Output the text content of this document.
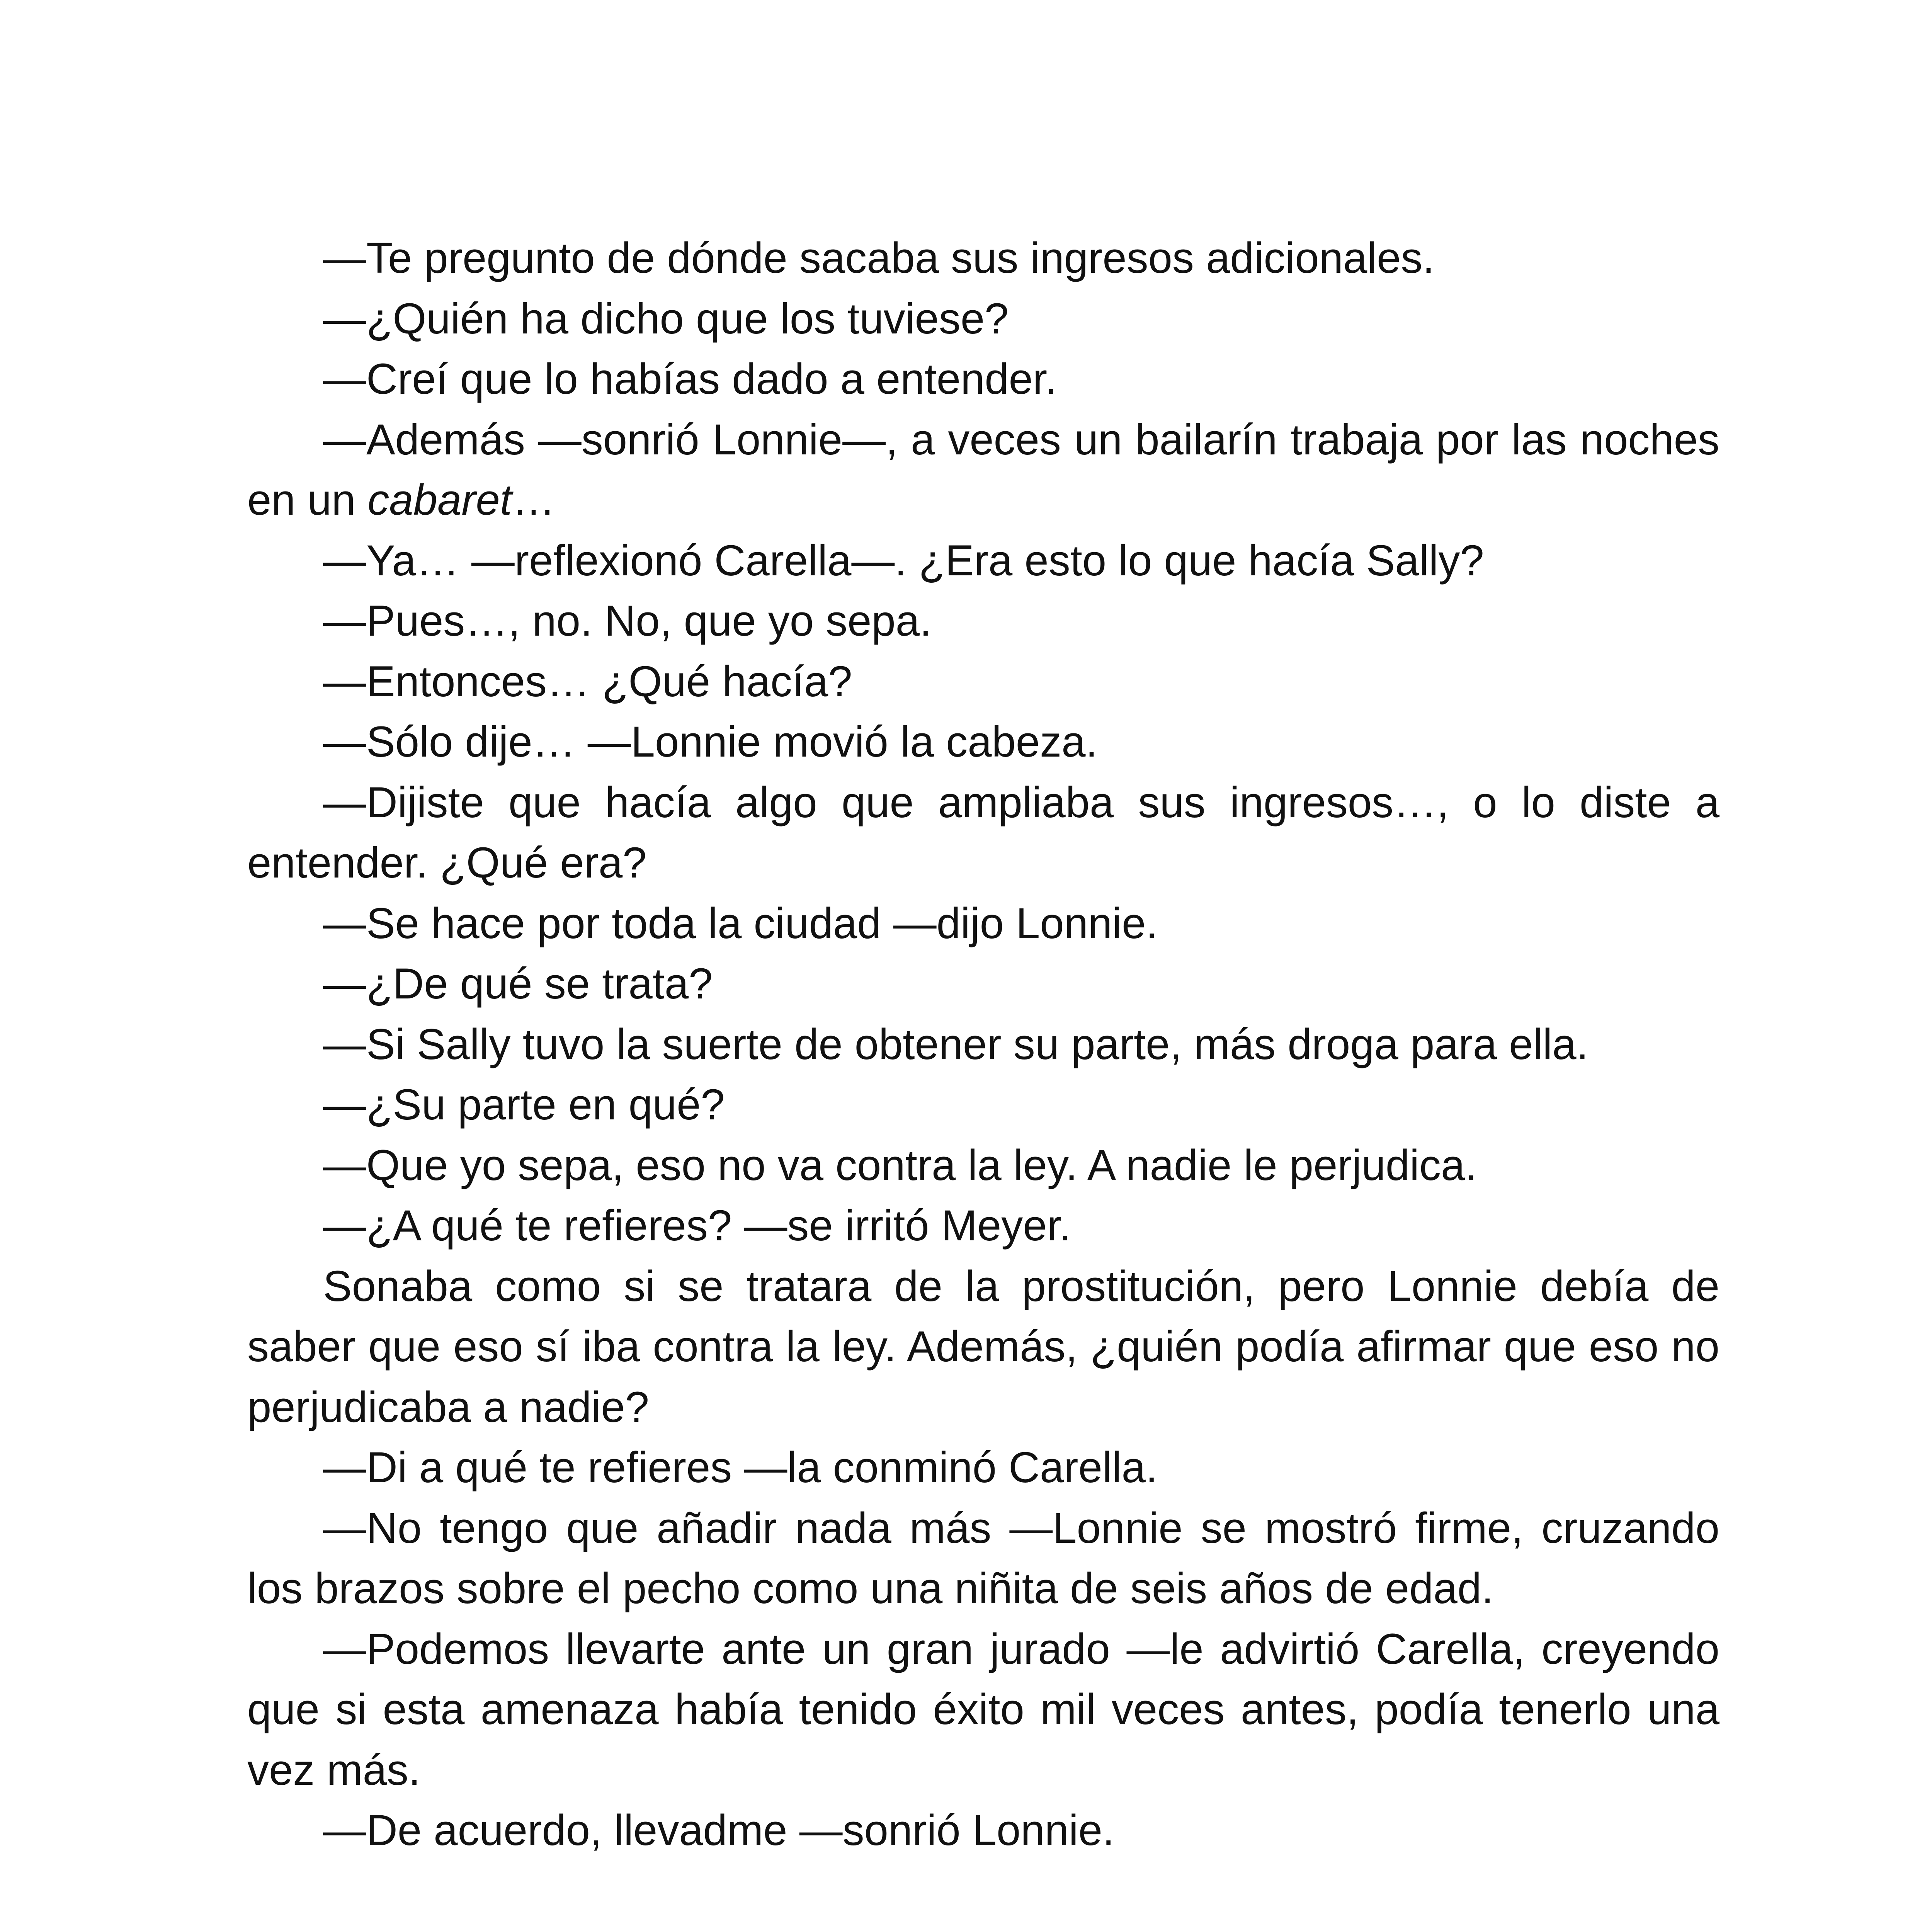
—Te pregunto de dónde sacaba sus ingresos adicionales.

—¿Quién ha dicho que los tuviese?

—Creí que lo habías dado a entender.

—Además —sonrió Lonnie—, a veces un bailarín trabaja por las noches en un cabaret…

—Ya… —reflexionó Carella—. ¿Era esto lo que hacía Sally?

—Pues…, no. No, que yo sepa.

—Entonces… ¿Qué hacía?

—Sólo dije… —Lonnie movió la cabeza.

—Dijiste que hacía algo que ampliaba sus ingresos…, o lo diste a entender. ¿Qué era?

—Se hace por toda la ciudad —dijo Lonnie.

—¿De qué se trata?

—Si Sally tuvo la suerte de obtener su parte, más droga para ella.

—¿Su parte en qué?

—Que yo sepa, eso no va contra la ley. A nadie le perjudica.

—¿A qué te refieres? —se irritó Meyer.

Sonaba como si se tratara de la prostitución, pero Lonnie debía de saber que eso sí iba contra la ley. Además, ¿quién podía afirmar que eso no perjudicaba a nadie?

—Di a qué te refieres —la conminó Carella.

—No tengo que añadir nada más —Lonnie se mostró firme, cruzando los brazos sobre el pecho como una niñita de seis años de edad.

—Podemos llevarte ante un gran jurado —le advirtió Carella, creyendo que si esta amenaza había tenido éxito mil veces antes, podía tenerlo una vez más.

—De acuerdo, llevadme —sonrió Lonnie.
